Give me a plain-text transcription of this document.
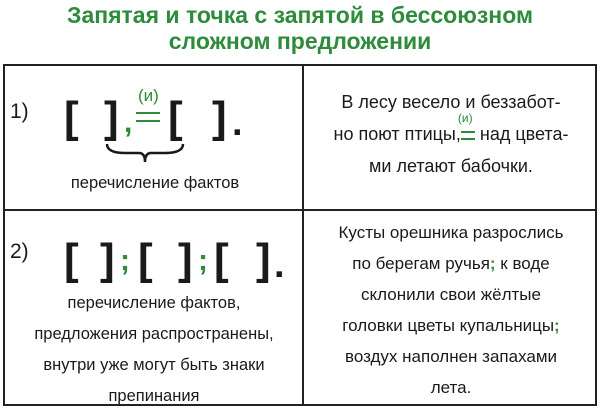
Запятая и точка с запятой в бессоюзном
сложном предложении
1) [ ] ,
(и) [ ] .
перечисление фактов
В лесу весело и беззабот-
но поют птицы,
(и)
над цвета-
ми летают бабочки.
2) [ ] ; [ ] ; [ ] .
перечисление фактов,
предложения распространены,
внутри уже могут быть знаки
препинания
Кусты орешника разрослись
по берегам ручья; к воде
склонили свои жёлтые
головки цветы купальницы;
воздух наполнен запахами
лета.
